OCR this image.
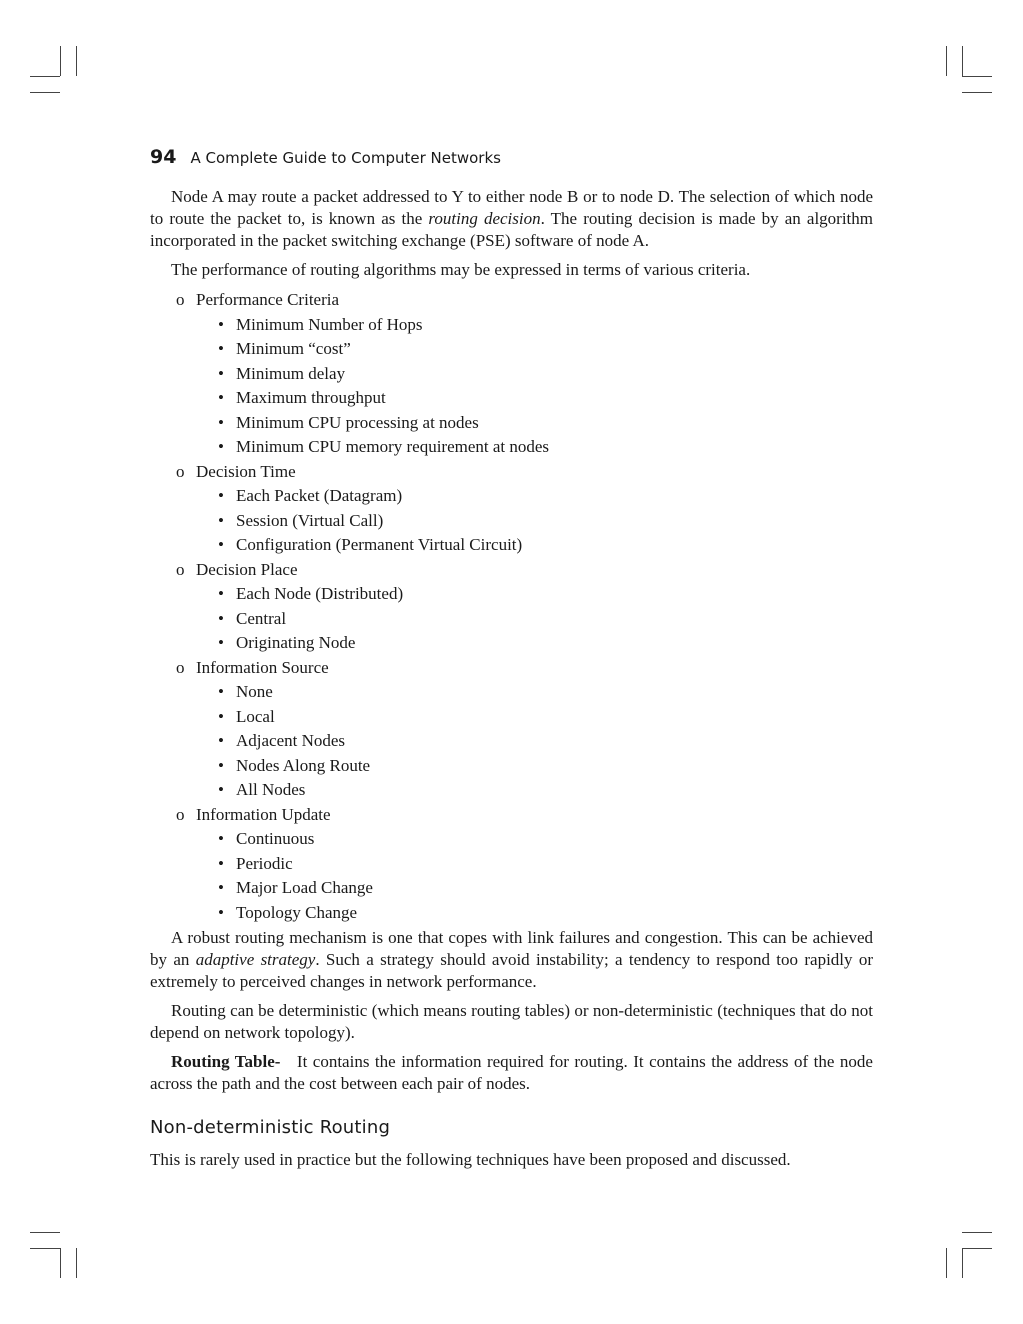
94 A Complete Guide to Computer Networks

Node A may route a packet addressed to Y to either node B or to node D. The selection of which node to route the packet to, is known as the routing decision. The routing decision is made by an algorithm incorporated in the packet switching exchange (PSE) software of node A.

The performance of routing algorithms may be expressed in terms of various criteria.

o Performance Criteria
• Minimum Number of Hops
• Minimum “cost”
• Minimum delay
• Maximum throughput
• Minimum CPU processing at nodes
• Minimum CPU memory requirement at nodes
o Decision Time
• Each Packet (Datagram)
• Session (Virtual Call)
• Configuration (Permanent Virtual Circuit)
o Decision Place
• Each Node (Distributed)
• Central
• Originating Node
o Information Source
• None
• Local
• Adjacent Nodes
• Nodes Along Route
• All Nodes
o Information Update
• Continuous
• Periodic
• Major Load Change
• Topology Change

A robust routing mechanism is one that copes with link failures and congestion. This can be achieved by an adaptive strategy. Such a strategy should avoid instability; a tendency to respond too rapidly or extremely to perceived changes in network performance.

Routing can be deterministic (which means routing tables) or non-deterministic (techniques that do not depend on network topology).

Routing Table- It contains the information required for routing. It contains the address of the node across the path and the cost between each pair of nodes.

Non-deterministic Routing

This is rarely used in practice but the following techniques have been proposed and discussed.
